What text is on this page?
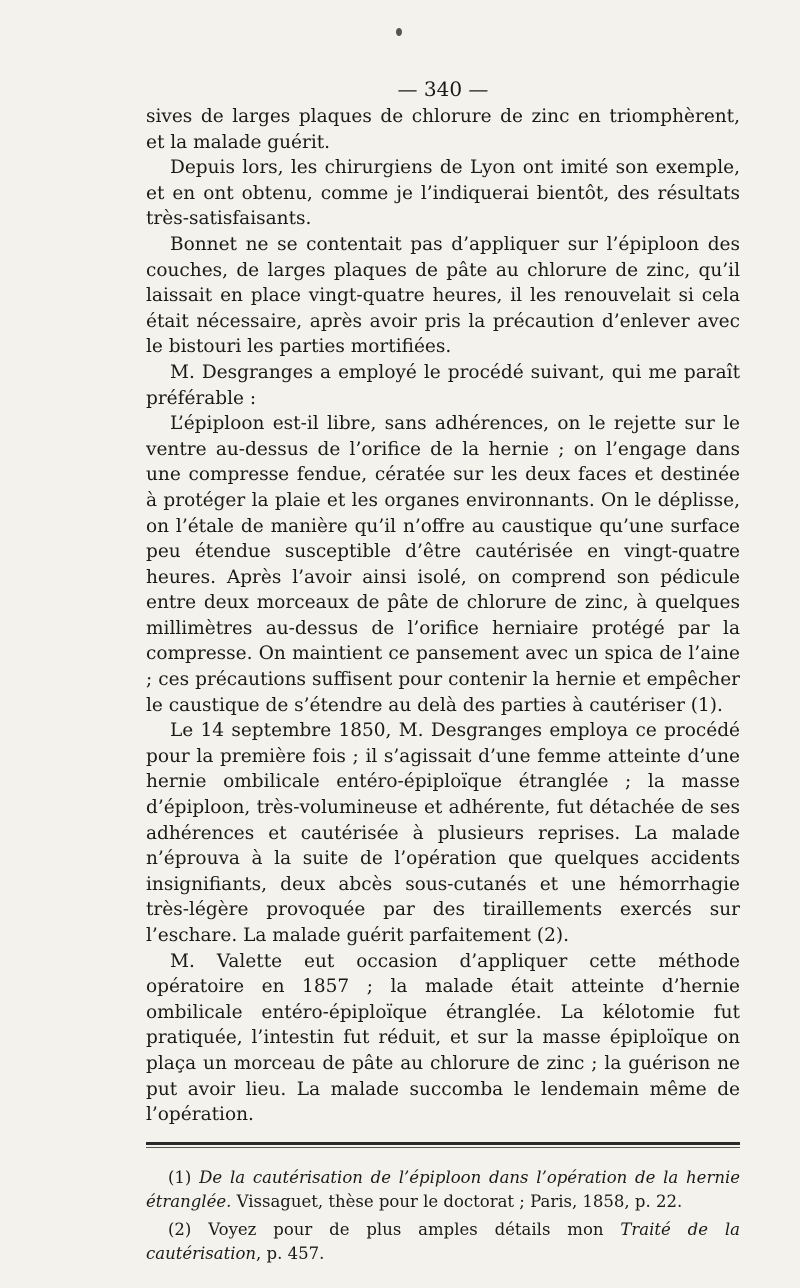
— 340 —

sives de larges plaques de chlorure de zinc en triomphèrent, et la malade guérit.

Depuis lors, les chirurgiens de Lyon ont imité son exemple, et en ont obtenu, comme je l’indiquerai bientôt, des résultats très-satisfaisants.

Bonnet ne se contentait pas d’appliquer sur l’épiploon des couches, de larges plaques de pâte au chlorure de zinc, qu’il laissait en place vingt-quatre heures, il les renouvelait si cela était nécessaire, après avoir pris la précaution d’enlever avec le bistouri les parties mortifiées.

M. Desgranges a employé le procédé suivant, qui me paraît préférable :

L’épiploon est-il libre, sans adhérences, on le rejette sur le ventre au-dessus de l’orifice de la hernie ; on l’engage dans une compresse fendue, cératée sur les deux faces et destinée à protéger la plaie et les organes environnants. On le déplisse, on l’étale de manière qu’il n’offre au caustique qu’une surface peu étendue susceptible d’être cautérisée en vingt-quatre heures. Après l’avoir ainsi isolé, on comprend son pédicule entre deux morceaux de pâte de chlorure de zinc, à quelques millimètres au-dessus de l’orifice herniaire protégé par la compresse. On maintient ce pansement avec un spica de l’aine ; ces précautions suffisent pour contenir la hernie et empêcher le caustique de s’étendre au delà des parties à cautériser (1).

Le 14 septembre 1850, M. Desgranges employa ce procédé pour la première fois ; il s’agissait d’une femme atteinte d’une hernie ombilicale entéro-épiploïque étranglée ; la masse d’épiploon, très-volumineuse et adhérente, fut détachée de ses adhérences et cautérisée à plusieurs reprises. La malade n’éprouva à la suite de l’opération que quelques accidents insignifiants, deux abcès sous-cutanés et une hémorrhagie très-légère provoquée par des tiraillements exercés sur l’eschare. La malade guérit parfaitement (2).

M. Valette eut occasion d’appliquer cette méthode opératoire en 1857 ; la malade était atteinte d’hernie ombilicale entéro-épiploïque étranglée. La kélotomie fut pratiquée, l’intestin fut réduit, et sur la masse épiploïque on plaça un morceau de pâte au chlorure de zinc ; la guérison ne put avoir lieu. La malade succomba le lendemain même de l’opération.

(1) De la cautérisation de l’épiploon dans l’opération de la hernie étranglée. Vissaguet, thèse pour le doctorat ; Paris, 1858, p. 22.

(2) Voyez pour de plus amples détails mon Traité de la cautérisation, p. 457.
